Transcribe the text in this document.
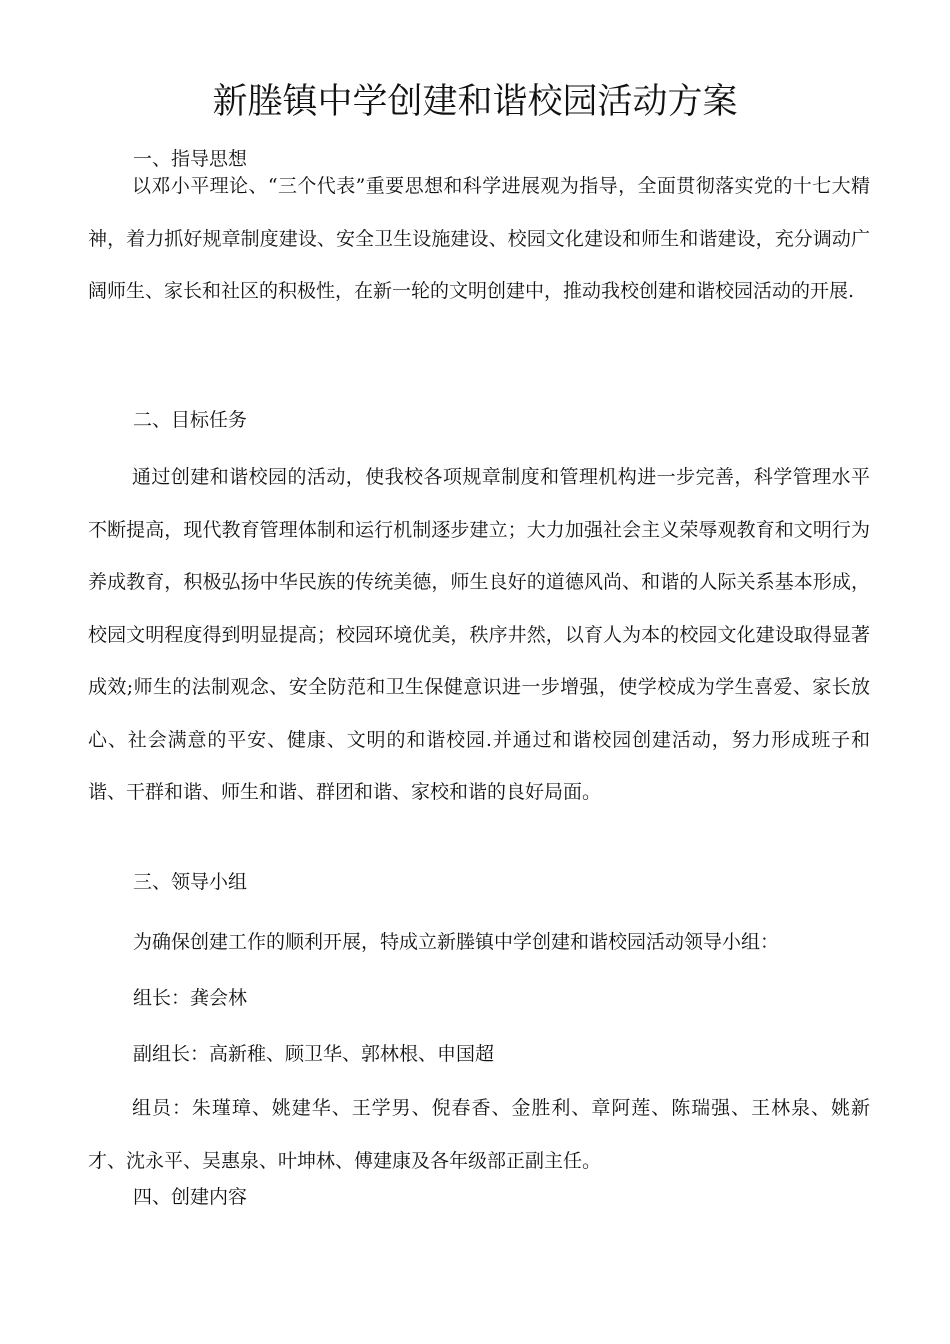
新塍镇中学创建和谐校园活动方案
一、指导思想

以邓小平理论、“三个代表”重要思想和科学进展观为指导，全面贯彻落实党的十七大精神，着力抓好规章制度建设、安全卫生设施建设、校园文化建设和师生和谐建设，充分调动广阔师生、家长和社区的积极性，在新一轮的文明创建中，推动我校创建和谐校园活动的开展.

二、目标任务

通过创建和谐校园的活动，使我校各项规章制度和管理机构进一步完善，科学管理水平不断提高，现代教育管理体制和运行机制逐步建立；大力加强社会主义荣辱观教育和文明行为养成教育，积极弘扬中华民族的传统美德，师生良好的道德风尚、和谐的人际关系基本形成，校园文明程度得到明显提高；校园环境优美，秩序井然，以育人为本的校园文化建设取得显著成效;师生的法制观念、安全防范和卫生保健意识进一步增强，使学校成为学生喜爱、家长放心、社会满意的平安、健康、文明的和谐校园.并通过和谐校园创建活动，努力形成班子和谐、干群和谐、师生和谐、群团和谐、家校和谐的良好局面。

三、领导小组
为确保创建工作的顺利开展，特成立新塍镇中学创建和谐校园活动领导小组：
组长：龚会林
副组长：高新稚、顾卫华、郭林根、申国超

组员：朱瑾璋、姚建华、王学男、倪春香、金胜利、章阿莲、陈瑞强、王林泉、姚新才、沈永平、吴惠泉、叶坤林、傅建康及各年级部正副主任。

四、创建内容
